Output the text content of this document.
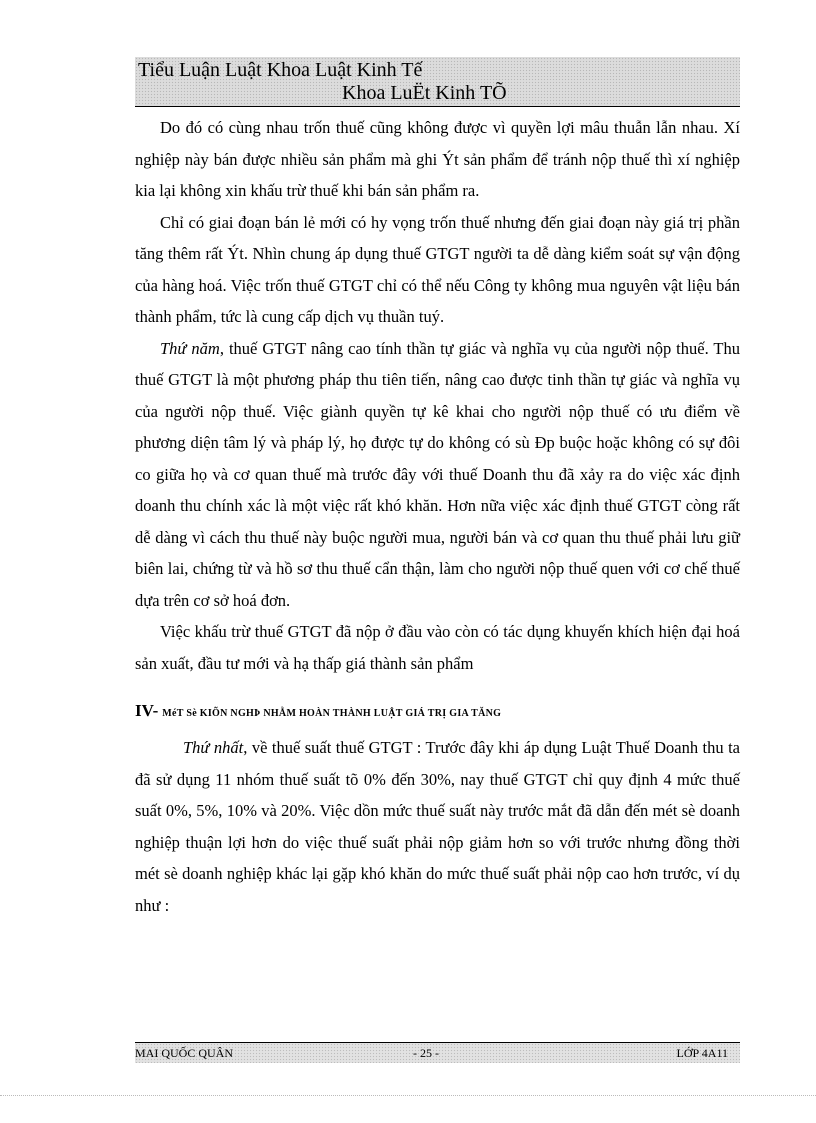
Tiểu Luận Luật Khoa Luật Kinh Tế
Khoa LuËt Kinh TÕ

Do đó có cùng nhau trốn thuế cũng không được vì quyền lợi mâu thuẫn lẫn nhau. Xí nghiệp này bán được nhiều sản phẩm mà ghi Ýt sản phẩm để tránh nộp thuế thì xí nghiệp kia lại không xin khấu trừ thuế khi bán sản phẩm ra.

Chỉ có giai đoạn bán lẻ mới có hy vọng trốn thuế nhưng đến giai đoạn này giá trị phần tăng thêm rất Ýt. Nhìn chung áp dụng thuế GTGT người ta dễ dàng kiểm soát sự vận động của hàng hoá. Việc trốn thuế GTGT chỉ có thể nếu Công ty không mua nguyên vật liệu bán thành phẩm, tức là cung cấp dịch vụ thuần tuý.

Thứ năm, thuế GTGT nâng cao tính thần tự giác và nghĩa vụ của người nộp thuế. Thu thuế GTGT là một phương pháp thu tiên tiến, nâng cao được tinh thần tự giác và nghĩa vụ của người nộp thuế. Việc giành quyền tự kê khai cho người nộp thuế có ưu điểm về phương diện tâm lý và pháp lý, họ được tự do không có sù Ðp buộc hoặc không có sự đôi co giữa họ và cơ quan thuế mà trước đây với thuế Doanh thu đã xảy ra do việc xác định doanh thu chính xác là một việc rất khó khăn. Hơn nữa việc xác định thuế GTGT còng rất dễ dàng vì cách thu thuế này buộc người mua, người bán và cơ quan thu thuế phải lưu giữ biên lai, chứng từ và hồ sơ thu thuế cẩn thận, làm cho người nộp thuế quen với cơ chế thuế dựa trên cơ sở hoá đơn.

Việc khấu trừ thuế GTGT đã nộp ở đầu vào còn có tác dụng khuyến khích hiện đại hoá sản xuất, đầu tư mới và hạ thấp giá thành sản phẩm

IV- MéT Sè KIÕN NGHÞ NHẰM HOÀN THÀNH LUẬT GIÁ TRỊ GIA TĂNG

Thứ nhất, về thuế suất thuế GTGT : Trước đây khi áp dụng Luật Thuế Doanh thu ta đã sử dụng 11 nhóm thuế suất tõ 0% đến 30%, nay thuế GTGT chỉ quy định 4 mức thuế suất 0%, 5%, 10% và 20%. Việc dồn mức thuế suất này trước mắt đã dẫn đến mét sè doanh nghiệp thuận lợi hơn do việc thuế suất phải nộp giảm hơn so với trước nhưng đồng thời mét sè doanh nghiệp khác lại gặp khó khăn do mức thuế suất phải nộp cao hơn trước, ví dụ như :

MAI QUỐC QUÂN	- 25 -	LỚP 4A11
